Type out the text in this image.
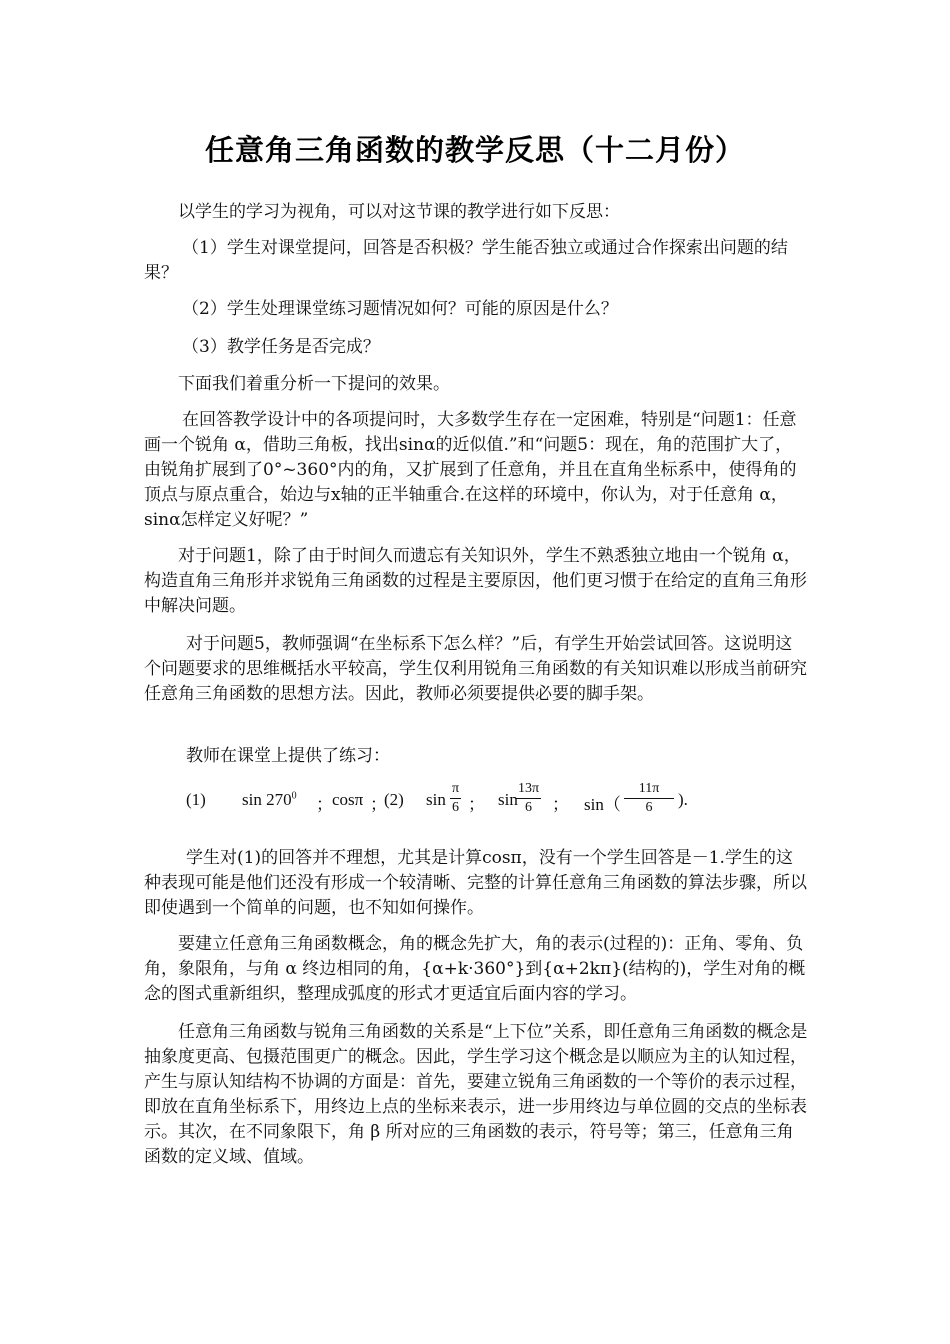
任意角三角函数的教学反思（十二月份）

以学生的学习为视角，可以对这节课的教学进行如下反思：

（1）学生对课堂提问，回答是否积极？学生能否独立或通过合作探索出问题的结果？

（2）学生处理课堂练习题情况如何？可能的原因是什么？

（3）教学任务是否完成？

下面我们着重分析一下提问的效果。

在回答教学设计中的各项提问时，大多数学生存在一定困难，特别是“问题1：任意画一个锐角 α，借助三角板，找出sinα的近似值.”和“问题5：现在，角的范围扩大了，由锐角扩展到了0°~360°内的角，又扩展到了任意角，并且在直角坐标系中，使得角的顶点与原点重合，始边与x轴的正半轴重合.在这样的环境中，你认为，对于任意角 α，sinα怎样定义好呢？”

对于问题1，除了由于时间久而遗忘有关知识外，学生不熟悉独立地由一个锐角 α，构造直角三角形并求锐角三角函数的过程是主要原因，他们更习惯于在给定的直角三角形中解决问题。

对于问题5，教师强调“在坐标系下怎么样？”后，有学生开始尝试回答。这说明这个问题要求的思维概括水平较高，学生仅利用锐角三角函数的有关知识难以形成当前研究任意角三角函数的思想方法。因此，教师必须要提供必要的脚手架。

教师在课堂上提供了练习：

(1) $\sin 270^0$ ； cosπ ；
(2) $\sin \frac{\pi}{6}$ ； sin
$\frac{13\pi}{6}$ ； $\sin( \frac{11\pi}{6}$ ).

学生对(1)的回答并不理想，尤其是计算cosπ，没有一个学生回答是－1.学生的这种表现可能是他们还没有形成一个较清晰、完整的计算任意角三角函数的算法步骤，所以即使遇到一个简单的问题，也不知如何操作。

要建立任意角三角函数概念，角的概念先扩大，角的表示(过程的)：正角、零角、负角，象限角，与角 α 终边相同的角，{α+k·360°}到{α+2kπ}(结构的)，学生对角的概念的图式重新组织，整理成弧度的形式才更适宜后面内容的学习。

任意角三角函数与锐角三角函数的关系是“上下位”关系，即任意角三角函数的概念是抽象度更高、包摄范围更广的概念。因此，学生学习这个概念是以顺应为主的认知过程，产生与原认知结构不协调的方面是：首先，要建立锐角三角函数的一个等价的表示过程，即放在直角坐标系下，用终边上点的坐标来表示，进一步用终边与单位圆的交点的坐标表示。其次，在不同象限下，角 β 所对应的三角函数的表示，符号等；第三，任意角三角函数的定义域、值域。
